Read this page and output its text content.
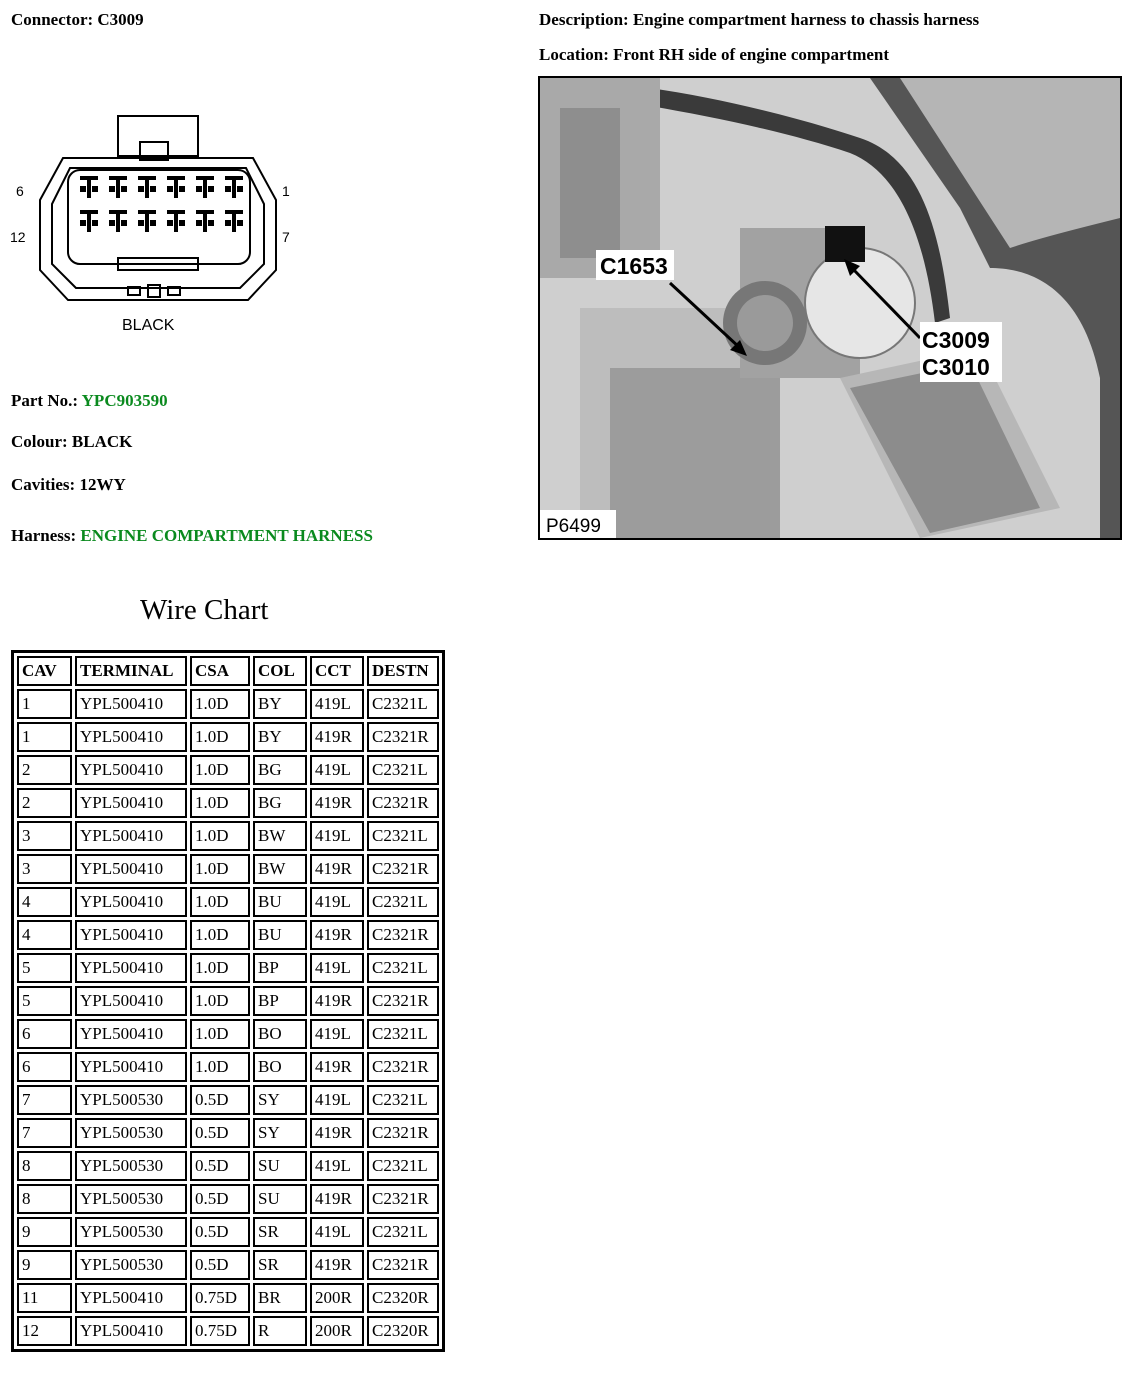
Connector: C3009	Description: Engine compartment harness to chassis harness
Location: Front RH side of engine compartment
6	1
12	7
BLACK
C1653
C3009
C3010
P6499
Part No.: YPC903590
Colour: BLACK
Cavities: 12WY
Harness: ENGINE COMPARTMENT HARNESS
Wire Chart
CAV	TERMINAL	CSA	COL	CCT	DESTN
1	YPL500410	1.0D	BY	419L	C2321L
1	YPL500410	1.0D	BY	419R	C2321R
2	YPL500410	1.0D	BG	419L	C2321L
2	YPL500410	1.0D	BG	419R	C2321R
3	YPL500410	1.0D	BW	419L	C2321L
3	YPL500410	1.0D	BW	419R	C2321R
4	YPL500410	1.0D	BU	419L	C2321L
4	YPL500410	1.0D	BU	419R	C2321R
5	YPL500410	1.0D	BP	419L	C2321L
5	YPL500410	1.0D	BP	419R	C2321R
6	YPL500410	1.0D	BO	419L	C2321L
6	YPL500410	1.0D	BO	419R	C2321R
7	YPL500530	0.5D	SY	419L	C2321L
7	YPL500530	0.5D	SY	419R	C2321R
8	YPL500530	0.5D	SU	419L	C2321L
8	YPL500530	0.5D	SU	419R	C2321R
9	YPL500530	0.5D	SR	419L	C2321L
9	YPL500530	0.5D	SR	419R	C2321R
11	YPL500410	0.75D	BR	200R	C2320R
12	YPL500410	0.75D	R	200R	C2320R
